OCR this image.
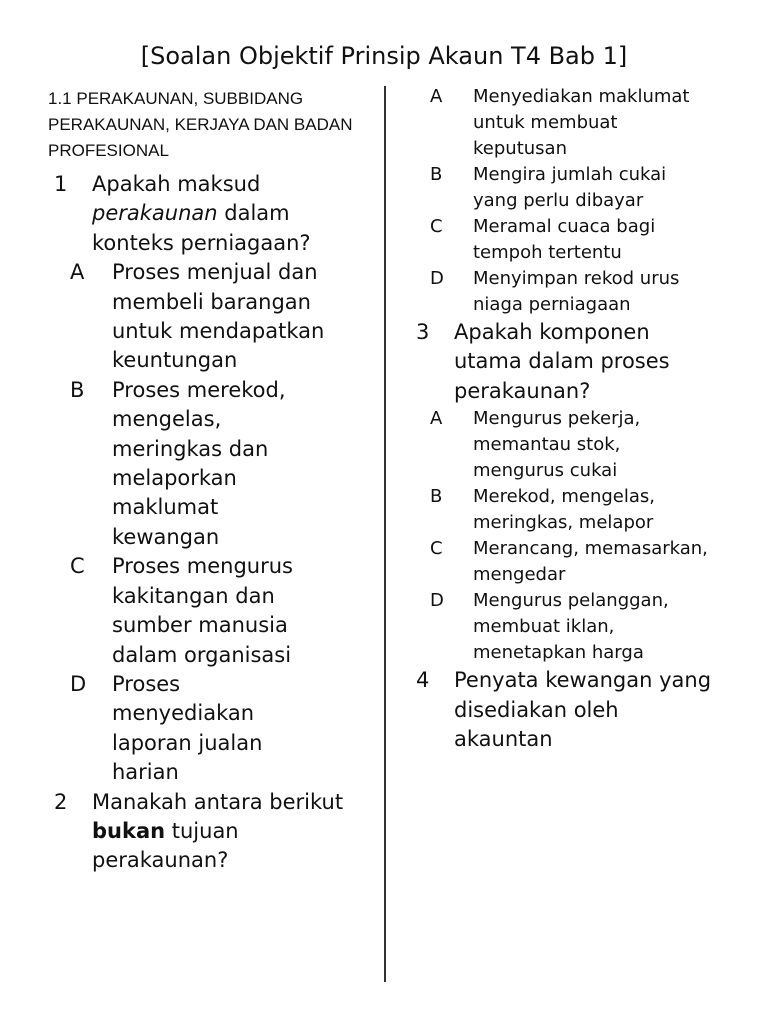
[Soalan Objektif Prinsip Akaun T4 Bab 1]
1.1 PERAKAUNAN, SUBBIDANG PERAKAUNAN, KERJAYA DAN BADAN PROFESIONAL
1	Apakah maksud perakaunan dalam konteks perniagaan?
A	Proses menjual dan membeli barangan untuk mendapatkan keuntungan
B	Proses merekod, mengelas, meringkas dan melaporkan maklumat kewangan
C	Proses mengurus kakitangan dan sumber manusia dalam organisasi
D	Proses menyediakan laporan jualan harian
2	Manakah antara berikut bukan tujuan perakaunan?
A	Menyediakan maklumat untuk membuat keputusan
B	Mengira jumlah cukai yang perlu dibayar
C	Meramal cuaca bagi tempoh tertentu
D	Menyimpan rekod urus niaga perniagaan
3	Apakah komponen utama dalam proses perakaunan?
A	Mengurus pekerja, memantau stok, mengurus cukai
B	Merekod, mengelas, meringkas, melapor
C	Merancang, memasarkan, mengedar
D	Mengurus pelanggan, membuat iklan, menetapkan harga
4	Penyata kewangan yang disediakan oleh akauntan
